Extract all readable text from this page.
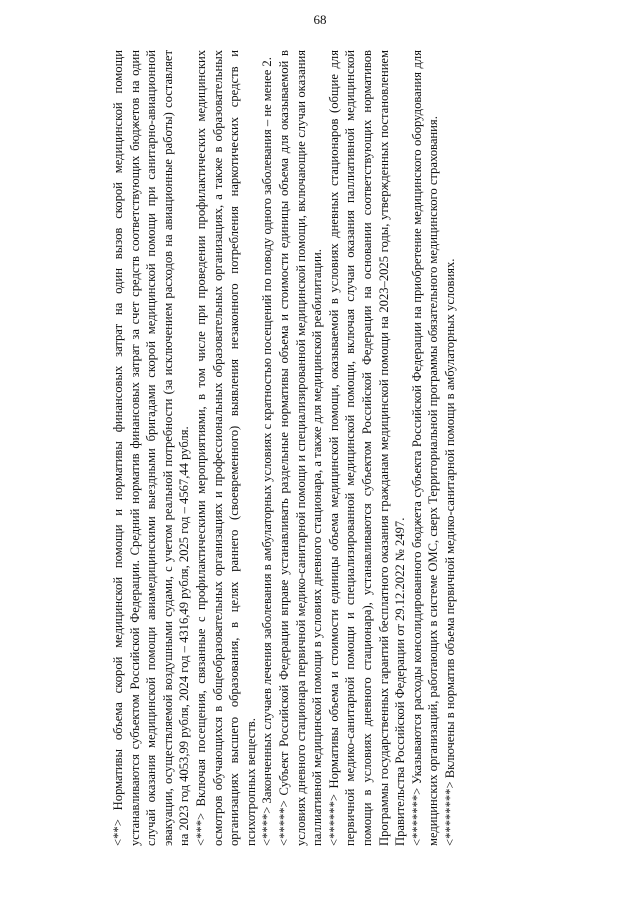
68

<**> Нормативы объема скорой медицинской помощи и нормативы финансовых затрат на один вызов скорой медицинской помощи устанавливаются субъектом Российской Федерации. Средний норматив финансовых затрат за счет средств соответствующих бюджетов на один случай оказания медицинской помощи авиамедицинскими выездными бригадами скорой медицинской помощи при санитарно-авиационной эвакуации, осуществляемой воздушными судами, с учетом реальной потребности (за исключением расходов на авиационные работы) составляет на 2023 год 4053,99 рубля, 2024 год – 4316,49 рубля, 2025 год – 4567,44 рубля. <***> Включая посещения, связанные с профилактическими мероприятиями, в том числе при проведении профилактических медицинских осмотров обучающихся в общеобразовательных организациях и профессиональных образовательных организациях, а также в образовательных организациях высшего образования, в целях раннего (своевременного) выявления незаконного потребления наркотических средств и психотропных веществ. <****> Законченных случаев лечения заболевания в амбулаторных условиях с кратностью посещений по поводу одного заболевания – не менее 2.

<*****> Субъект Российской Федерации вправе устанавливать раздельные нормативы объема и стоимости единицы объема для оказываемой в условиях дневного стационара первичной медико-санитарной помощи и специализированной медицинской помощи, включающие случаи оказания паллиативной медицинской помощи в условиях дневного стационара, а также для медицинской реабилитации. <******> Нормативы объема и стоимости единицы объема медицинской помощи, оказываемой в условиях дневных стационаров (общие для первичной медико-санитарной помощи и специализированной медицинской помощи, включая случаи оказания паллиативной медицинской помощи в условиях дневного стационара), устанавливаются субъектом Российской Федерации на основании соответствующих нормативов Программы государственных гарантий бесплатного оказания гражданам медицинской помощи на 2023–2025 годы, утвержденных постановлением Правительства Российской Федерации от 29.12.2022 № 2497. <*******> Указываются расходы консолидированного бюджета субъекта Российской Федерации на приобретение медицинского оборудования для медицинских организаций, работающих в системе ОМС, сверх Территориальной программы обязательного медицинского страхования. <********> Включены в норматив объема первичной медико-санитарной помощи в амбулаторных условиях.
